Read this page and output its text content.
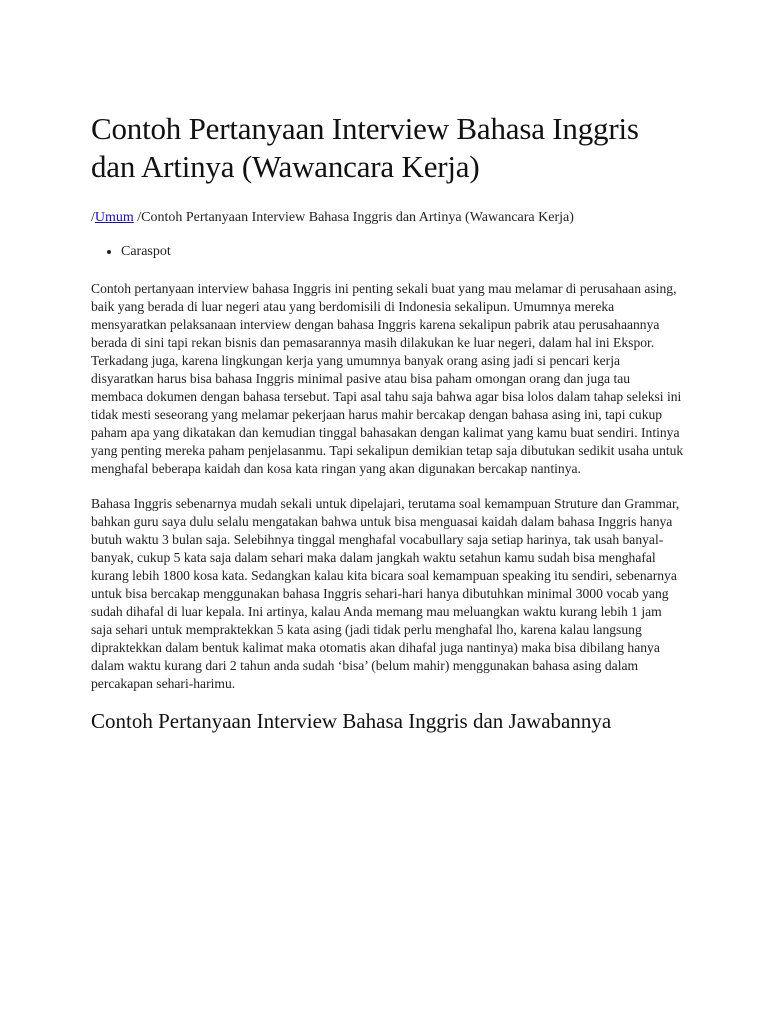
Contoh Pertanyaan Interview Bahasa Inggris dan Artinya (Wawancara Kerja)
/Umum /Contoh Pertanyaan Interview Bahasa Inggris dan Artinya (Wawancara Kerja)
• Caraspot

Contoh pertanyaan interview bahasa Inggris ini penting sekali buat yang mau melamar di perusahaan asing, baik yang berada di luar negeri atau yang berdomisili di Indonesia sekalipun. Umumnya mereka mensyaratkan pelaksanaan interview dengan bahasa Inggris karena sekalipun pabrik atau perusahaannya berada di sini tapi rekan bisnis dan pemasarannya masih dilakukan ke luar negeri, dalam hal ini Ekspor. Terkadang juga, karena lingkungan kerja yang umumnya banyak orang asing jadi si pencari kerja disyaratkan harus bisa bahasa Inggris minimal pasive atau bisa paham omongan orang dan juga tau membaca dokumen dengan bahasa tersebut. Tapi asal tahu saja bahwa agar bisa lolos dalam tahap seleksi ini tidak mesti seseorang yang melamar pekerjaan harus mahir bercakap dengan bahasa asing ini, tapi cukup paham apa yang dikatakan dan kemudian tinggal bahasakan dengan kalimat yang kamu buat sendiri. Intinya yang penting mereka paham penjelasanmu. Tapi sekalipun demikian tetap saja dibutukan sedikit usaha untuk menghafal beberapa kaidah dan kosa kata ringan yang akan digunakan bercakap nantinya.

Bahasa Inggris sebenarnya mudah sekali untuk dipelajari, terutama soal kemampuan Struture dan Grammar, bahkan guru saya dulu selalu mengatakan bahwa untuk bisa menguasai kaidah dalam bahasa Inggris hanya butuh waktu 3 bulan saja. Selebihnya tinggal menghafal vocabullary saja setiap harinya, tak usah banyal-banyak, cukup 5 kata saja dalam sehari maka dalam jangkah waktu setahun kamu sudah bisa menghafal kurang lebih 1800 kosa kata. Sedangkan kalau kita bicara soal kemampuan speaking itu sendiri, sebenarnya untuk bisa bercakap menggunakan bahasa Inggris sehari-hari hanya dibutuhkan minimal 3000 vocab yang sudah dihafal di luar kepala. Ini artinya, kalau Anda memang mau meluangkan waktu kurang lebih 1 jam saja sehari untuk mempraktekkan 5 kata asing (jadi tidak perlu menghafal lho, karena kalau langsung dipraktekkan dalam bentuk kalimat maka otomatis akan dihafal juga nantinya) maka bisa dibilang hanya dalam waktu kurang dari 2 tahun anda sudah ‘bisa’ (belum mahir) menggunakan bahasa asing dalam percakapan sehari-harimu.

Contoh Pertanyaan Interview Bahasa Inggris dan Jawabannya
